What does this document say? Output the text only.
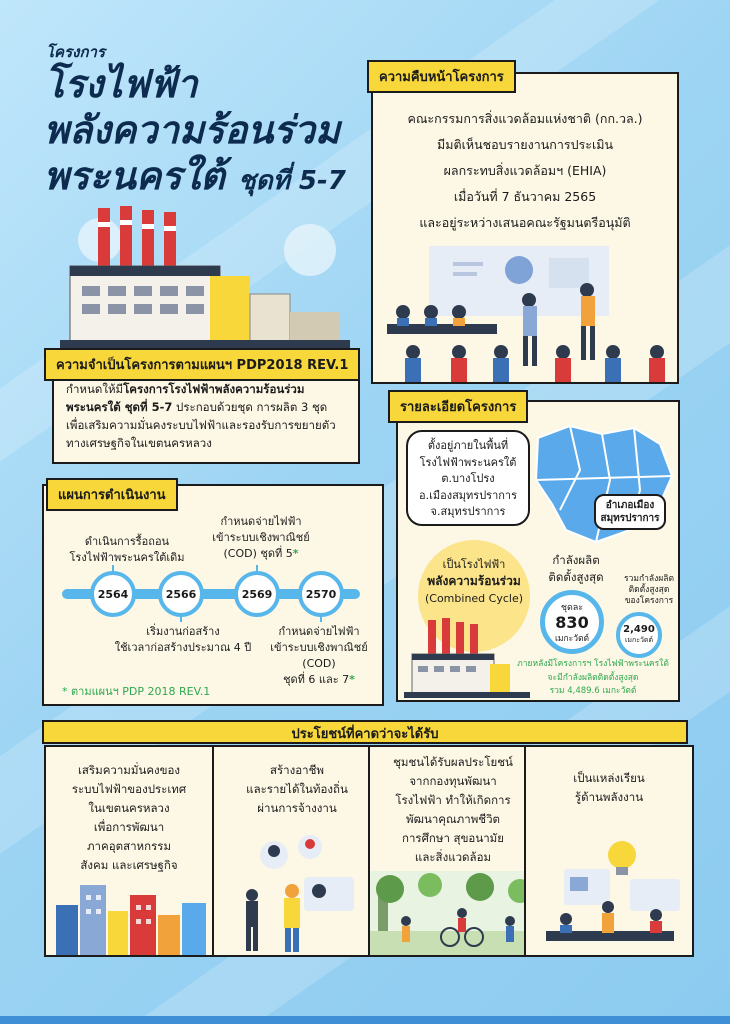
โครงการ
โรงไฟฟ้า
พลังความร้อนร่วม
พระนครใต้ ชุดที่ 5-7
คณะกรรมการสิ่งแวดล้อมแห่งชาติ (กก.วล.)
มีมติเห็นชอบรายงานการประเมิน
ผลกระทบสิ่งแวดล้อมฯ (EHIA)
เมื่อวันที่ 7 ธันวาคม 2565
และอยู่ระหว่างเสนอคณะรัฐมนตรีอนุมัติ
ความคืบหน้าโครงการ
กำหนดให้มีโครงการโรงไฟฟ้าพลังความร้อนร่วม
พระนครใต้ ชุดที่ 5-7 ประกอบด้วยชุด การผลิต 3 ชุด
เพื่อเสริมความมั่นคงระบบไฟฟ้าและรองรับการขยายตัว
ทางเศรษฐกิจในเขตนครหลวง
ความจำเป็นโครงการตามแผนฯ PDP2018 REV.1
แผนการดำเนินงาน
ดำเนินการรื้อถอน
โรงไฟฟ้าพระนครใต้เดิม
กำหนดจ่ายไฟฟ้า
เข้าระบบเชิงพาณิชย์
(COD) ชุดที่ 5*
2564	2566	2569	2570
เริ่มงานก่อสร้าง
ใช้เวลาก่อสร้างประมาณ 4 ปี
กำหนดจ่ายไฟฟ้า
เข้าระบบเชิงพาณิชย์
(COD)
ชุดที่ 6 และ 7*
* ตามแผนฯ PDP 2018 REV.1
รายละเอียดโครงการ
อำเภอเมือง
สมุทรปราการ
ตั้งอยู่ภายในพื้นที่
โรงไฟฟ้าพระนครใต้
ต.บางโปรง
อ.เมืองสมุทรปราการ
จ.สมุทรปราการ
เป็นโรงไฟฟ้า
พลังความร้อนร่วม
(Combined Cycle)
กำลังผลิต
ติดตั้งสูงสุด
ชุดละ
830
เมกะวัตต์
รวมกำลังผลิต
ติดตั้งสูงสุด
ของโครงการ
2,490
เมกะวัตต์
ภายหลังมีโครงการฯ โรงไฟฟ้าพระนครใต้
จะมีกำลังผลิตติดตั้งสูงสุด
รวม 4,489.6 เมกะวัตต์
ประโยชน์ที่คาดว่าจะได้รับ
เสริมความมั่นคงของ
ระบบไฟฟ้าของประเทศ
ในเขตนครหลวง
เพื่อการพัฒนา
ภาคอุตสาหกรรม
สังคม และเศรษฐกิจ
สร้างอาชีพ
และรายได้ในท้องถิ่น
ผ่านการจ้างงาน
ชุมชนได้รับผลประโยชน์
จากกองทุนพัฒนา
โรงไฟฟ้า ทำให้เกิดการ
พัฒนาคุณภาพชีวิต
การศึกษา สุขอนามัย
และสิ่งแวดล้อม
เป็นแหล่งเรียน
รู้ด้านพลังงาน
